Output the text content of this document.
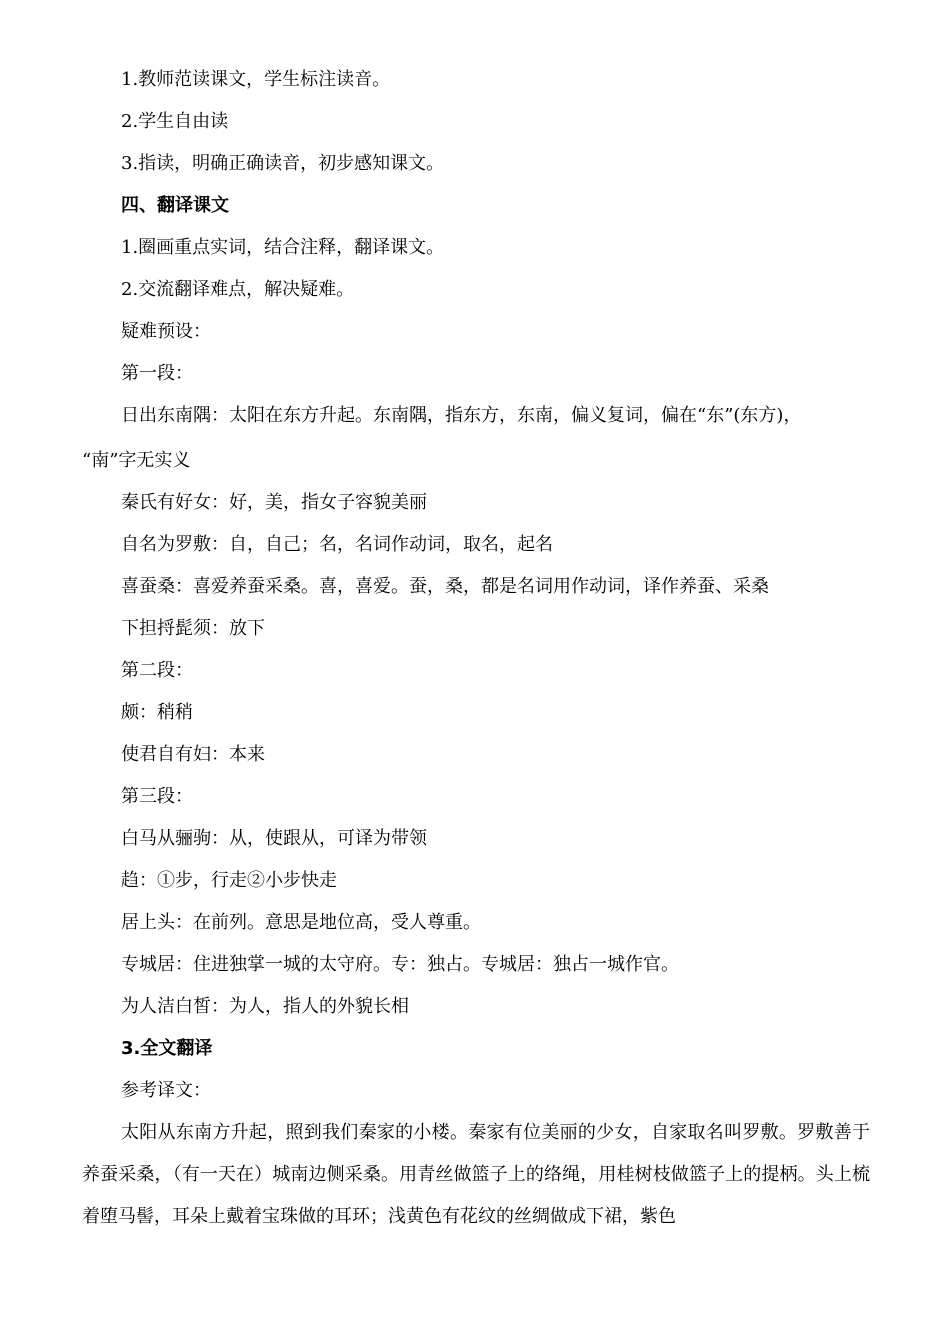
1.教师范读课文，学生标注读音。
2.学生自由读
3.指读，明确正确读音，初步感知课文。
四、翻译课文
1.圈画重点实词，结合注释，翻译课文。
2.交流翻译难点，解决疑难。
疑难预设：
第一段：
日出东南隅：太阳在东方升起。东南隅，指东方，东南，偏义复词，偏在“东”(东方)，
“南”字无实义
秦氏有好女：好，美，指女子容貌美丽
自名为罗敷：自，自己；名，名词作动词，取名，起名
喜蚕桑：喜爱养蚕采桑。喜，喜爱。蚕，桑，都是名词用作动词，译作养蚕、采桑
下担捋髭须：放下
第二段：
颇：稍稍
使君自有妇：本来
第三段：
白马从骊驹：从，使跟从，可译为带领
趋：①步，行走②小步快走
居上头：在前列。意思是地位高，受人尊重。
专城居：住进独掌一城的太守府。专：独占。专城居：独占一城作官。
为人洁白皙：为人，指人的外貌长相
3.全文翻译
参考译文：
太阳从东南方升起，照到我们秦家的小楼。秦家有位美丽的少女，自家取名叫罗敷。罗敷善于养蚕采桑，（有一天在）城南边侧采桑。用青丝做篮子上的络绳，用桂树枝做篮子上的提柄。头上梳着堕马髻，耳朵上戴着宝珠做的耳环；浅黄色有花纹的丝绸做成下裙，紫色
